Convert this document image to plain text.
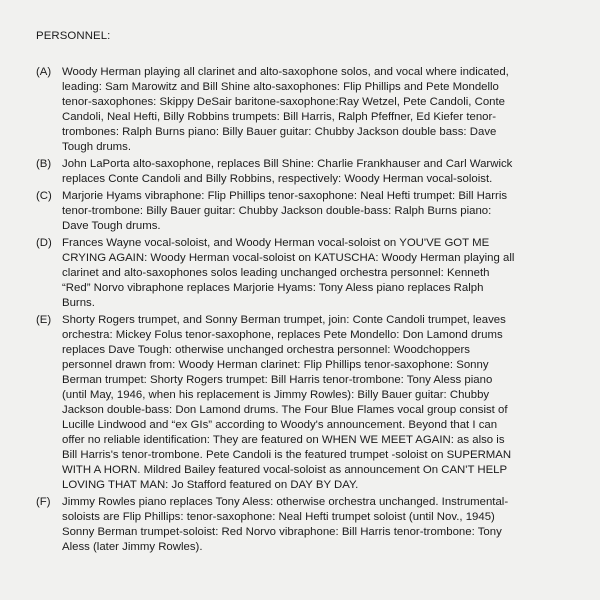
PERSONNEL:
(A) Woody Herman playing all clarinet and alto-saxophone solos, and vocal where indicated,
leading: Sam Marowitz and Bill Shine alto-saxophones: Flip Phillips and Pete Mondello
tenor-saxophones: Skippy DeSair baritone-saxophone:Ray Wetzel, Pete Candoli, Conte
Candoli, Neal Hefti, Billy Robbins trumpets: Bill Harris, Ralph Pfeffner, Ed Kiefer tenor-
trombones: Ralph Burns piano: Billy Bauer guitar: Chubby Jackson double bass: Dave
Tough drums.
(B) John LaPorta alto-saxophone, replaces Bill Shine: Charlie Frankhauser and Carl Warwick
replaces Conte Candoli and Billy Robbins, respectively: Woody Herman vocal-soloist.
(C) Marjorie Hyams vibraphone: Flip Phillips tenor-saxophone: Neal Hefti trumpet: Bill Harris
tenor-trombone: Billy Bauer guitar: Chubby Jackson double-bass: Ralph Burns piano:
Dave Tough drums.
(D) Frances Wayne vocal-soloist, and Woody Herman vocal-soloist on YOU'VE GOT ME
CRYING AGAIN: Woody Herman vocal-soloist on KATUSCHA: Woody Herman playing all
clarinet and alto-saxophones solos leading unchanged orchestra personnel: Kenneth
“Red” Norvo vibraphone replaces Marjorie Hyams: Tony Aless piano replaces Ralph
Burns.
(E) Shorty Rogers trumpet, and Sonny Berman trumpet, join: Conte Candoli trumpet, leaves
orchestra: Mickey Folus tenor-saxophone, replaces Pete Mondello: Don Lamond drums
replaces Dave Tough: otherwise unchanged orchestra personnel: Woodchoppers
personnel drawn from: Woody Herman clarinet: Flip Phillips tenor-saxophone: Sonny
Berman trumpet: Shorty Rogers trumpet: Bill Harris tenor-trombone: Tony Aless piano
(until May, 1946, when his replacement is Jimmy Rowles): Billy Bauer guitar: Chubby
Jackson double-bass: Don Lamond drums. The Four Blue Flames vocal group consist of
Lucille Lindwood and “ex GIs” according to Woody's announcement. Beyond that I can
offer no reliable identification: They are featured on WHEN WE MEET AGAIN: as also is
Bill Harris's tenor-trombone. Pete Candoli is the featured trumpet -soloist on SUPERMAN
WITH A HORN. Mildred Bailey featured vocal-soloist as announcement On CAN'T HELP
LOVING THAT MAN: Jo Stafford featured on DAY BY DAY.
(F)	Jimmy Rowles piano replaces Tony Aless: otherwise orchestra unchanged. Instrumental-
soloists are Flip Phillips: tenor-saxophone: Neal Hefti trumpet soloist (until Nov., 1945)
Sonny Berman trumpet-soloist: Red Norvo vibraphone: Bill Harris tenor-trombone: Tony
Aless (later Jimmy Rowles).
